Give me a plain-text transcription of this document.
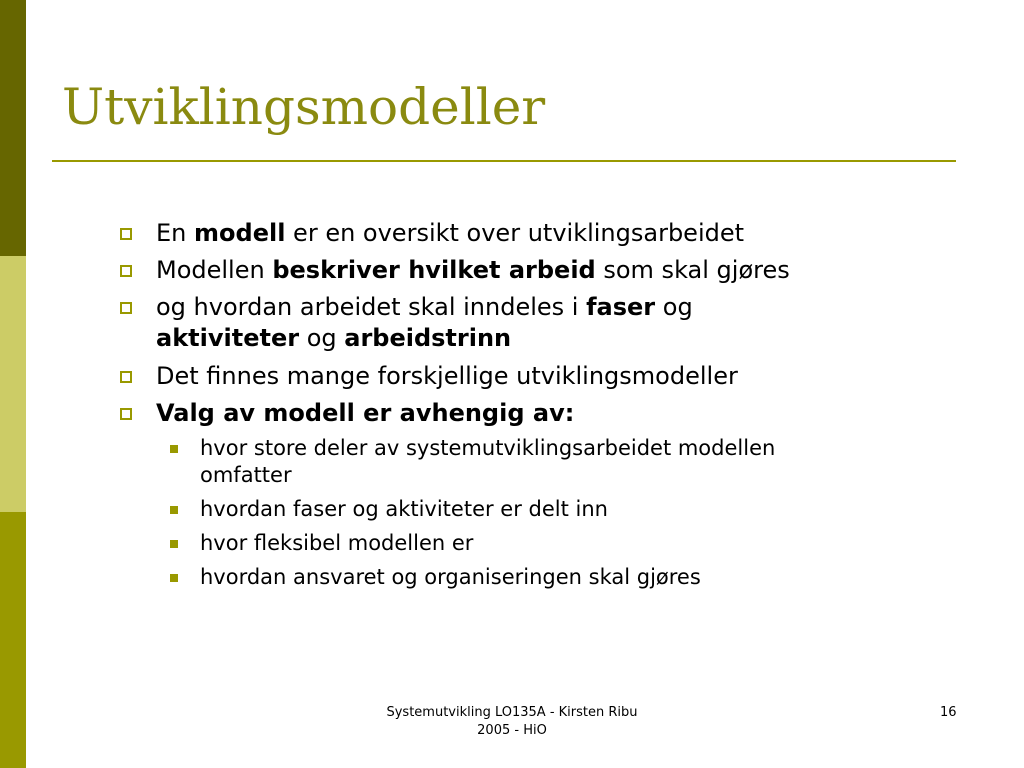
Utviklingsmodeller
En modell er en oversikt over utviklingsarbeidet
Modellen beskriver hvilket arbeid som skal gjøres
og hvordan arbeidet skal inndeles i faser og
aktiviteter og arbeidstrinn
Det finnes mange forskjellige utviklingsmodeller
Valg av modell er avhengig av:
hvor store deler av systemutviklingsarbeidet modellen
omfatter
hvordan faser og aktiviteter er delt inn
hvor fleksibel modellen er
hvordan ansvaret og organiseringen skal gjøres
Systemutvikling LO135A - Kirsten Ribu
2005 - HiO
16
